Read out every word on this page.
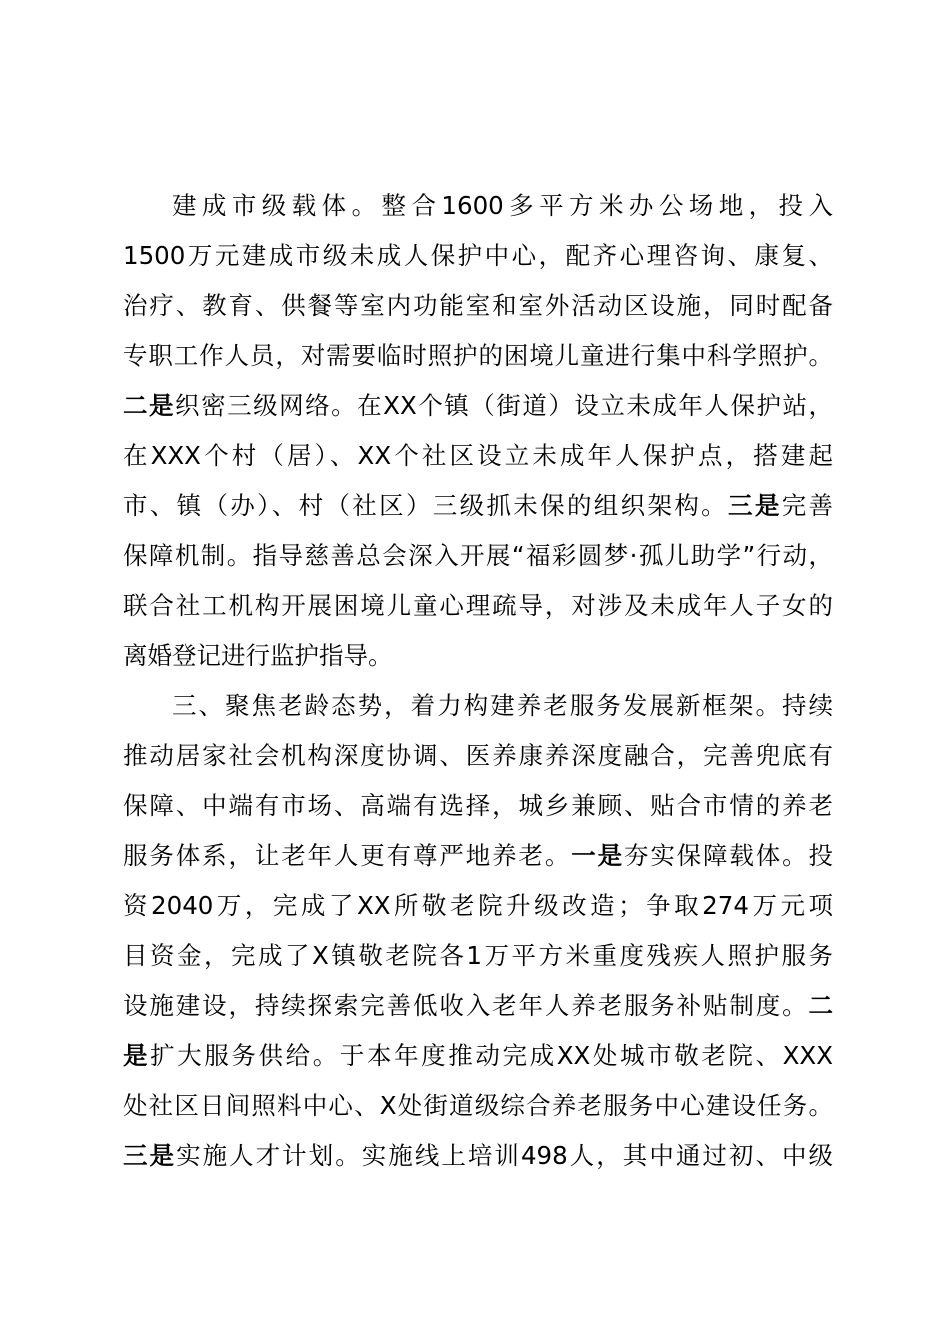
建成市级载体。整合1600多平方米办公场地，投入
1500万元建成市级未成人保护中心，配齐心理咨询、康复、
治疗、教育、供餐等室内功能室和室外活动区设施，同时配备
专职工作人员，对需要临时照护的困境儿童进行集中科学照护。
二是织密三级网络。在XX个镇（街道）设立未成年人保护站，
在XXX个村（居）、XX个社区设立未成年人保护点，搭建起
市、镇（办）、村（社区）三级抓未保的组织架构。三是完善
保障机制。指导慈善总会深入开展“福彩圆梦·孤儿助学”行动，
联合社工机构开展困境儿童心理疏导，对涉及未成年人子女的
离婚登记进行监护指导。
三、聚焦老龄态势，着力构建养老服务发展新框架。持续
推动居家社会机构深度协调、医养康养深度融合，完善兜底有
保障、中端有市场、高端有选择，城乡兼顾、贴合市情的养老
服务体系，让老年人更有尊严地养老。一是夯实保障载体。投
资2040万，完成了XX所敬老院升级改造；争取274万元项
目资金，完成了X镇敬老院各1万平方米重度残疾人照护服务
设施建设，持续探索完善低收入老年人养老服务补贴制度。二
是扩大服务供给。于本年度推动完成XX处城市敬老院、XXX
处社区日间照料中心、X处街道级综合养老服务中心建设任务。
三是实施人才计划。实施线上培训498人，其中通过初、中级
